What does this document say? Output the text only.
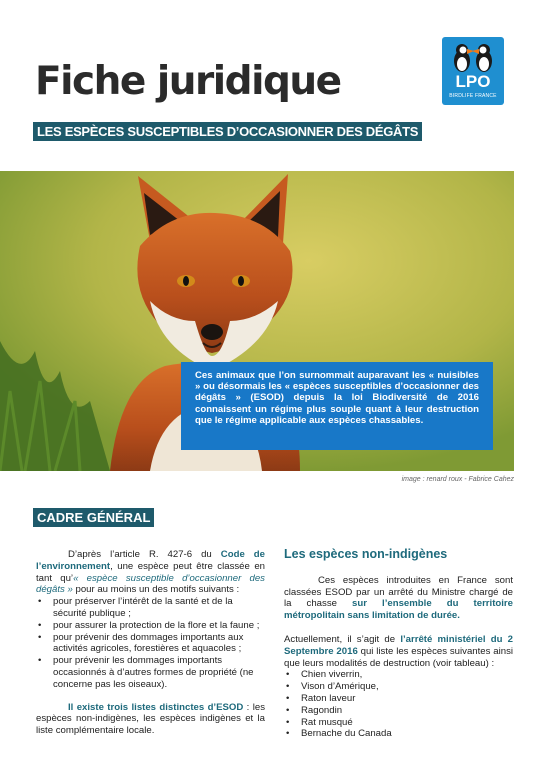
Fiche juridique
LES ESPÈCES SUSCEPTIBLES D’OCCASIONNER DES DÉGÂTS
LPO
BIRDLIFE FRANCE
Ces animaux que l’on surnommait auparavant les « nuisibles » ou désormais les « espèces susceptibles d’occasionner des dégâts » (ESOD) depuis la loi Biodiversité de 2016 connaissent un régime plus souple quant à leur destruction que le régime applicable aux espèces chassables.
image : renard roux - Fabrice Cahez
CADRE GÉNÉRAL

D’après l’article R. 427-6 du Code de l’environnement, une espèce peut être classée en tant qu’« espèce susceptible d’occasionner des dégâts » pour au moins un des motifs suivants :

• pour préserver l’intérêt de la santé et de la sécurité publique ;
• pour assurer la protection de la flore et la faune ;
• pour prévenir des dommages importants aux activités agricoles, forestières et aquacoles ;
• pour prévenir les dommages importants occasionnés à d’autres formes de propriété (ne concerne pas les oiseaux).

Il existe trois listes distinctes d’ESOD : les espèces non-indigènes, les espèces indigènes et la liste complémentaire locale.

Les espèces non-indigènes

Ces espèces introduites en France sont classées ESOD par un arrêté du Ministre chargé de la chasse sur l’ensemble du territoire métropolitain sans limitation de durée.

Actuellement, il s’agit de l’arrêté ministériel du 2 Septembre 2016 qui liste les espèces suivantes ainsi que leurs modalités de destruction (voir tableau) :

• Chien viverrin,
• Vison d’Amérique,
• Raton laveur
• Ragondin
• Rat musqué
• Bernache du Canada
